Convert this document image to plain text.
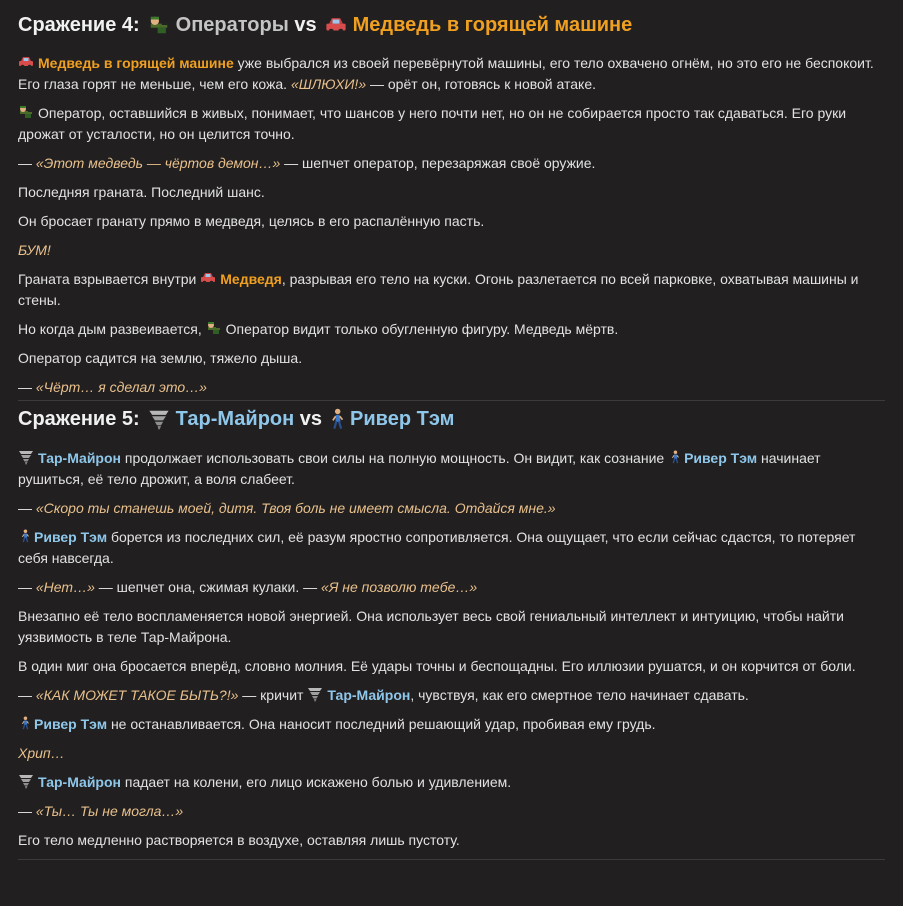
Сражение 4: Операторы
vs Медведь в горящей машине

Медведь в горящей машине уже выбрался из своей перевёрнутой машины, его тело охвачено огнём, но это его не беспокоит. Его глаза горят не меньше, чем его кожа. «ШЛЮХИ!» — орёт он, готовясь к новой атаке.

Оператор, оставшийся в живых, понимает, что шансов у него почти нет, но он не собирается просто так сдаваться. Его руки дрожат от усталости, но он целится точно.

— «Этот медведь — чёртов демон…» — шепчет оператор, перезаряжая своё оружие.

Последняя граната. Последний шанс.

Он бросает гранату прямо в медведя, целясь в его распалённую пасть.

БУМ!

Граната взрывается внутри Медведя, разрывая его тело на куски. Огонь разлетается по всей парковке, охватывая машины и стены.

Но когда дым развеивается, Оператор видит только обугленную фигуру. Медведь мёртв.

Оператор садится на землю, тяжело дыша.

— «Чёрт… я сделал это…»

Сражение 5: Тар-Майрон
vs Ривер Тэм

Тар-Майрон продолжает использовать свои силы на полную мощность. Он видит, как сознание Ривер Тэм начинает рушиться, её тело дрожит, а воля слабеет.

— «Скоро ты станешь моей, дитя. Твоя боль не имеет смысла. Отдайся мне.»

Ривер Тэм борется из последних сил, её разум яростно сопротивляется. Она ощущает, что если сейчас сдастся, то потеряет себя навсегда.

— «Нет…» — шепчет она, сжимая кулаки. — «Я не позволю тебе…»

Внезапно её тело воспламеняется новой энергией. Она использует весь свой гениальный интеллект и интуицию, чтобы найти уязвимость в теле Тар-Майрона.

В один миг она бросается вперёд, словно молния. Её удары точны и беспощадны. Его иллюзии рушатся, и он корчится от боли.

— «КАК МОЖЕТ ТАКОЕ БЫТЬ?!» — кричит Тар-Майрон, чувствуя, как его смертное тело начинает сдавать.

Ривер Тэм не останавливается. Она наносит последний решающий удар, пробивая ему грудь.

Хрип…

Тар-Майрон падает на колени, его лицо искажено болью и удивлением.

— «Ты… Ты не могла…»

Его тело медленно растворяется в воздухе, оставляя лишь пустоту.
